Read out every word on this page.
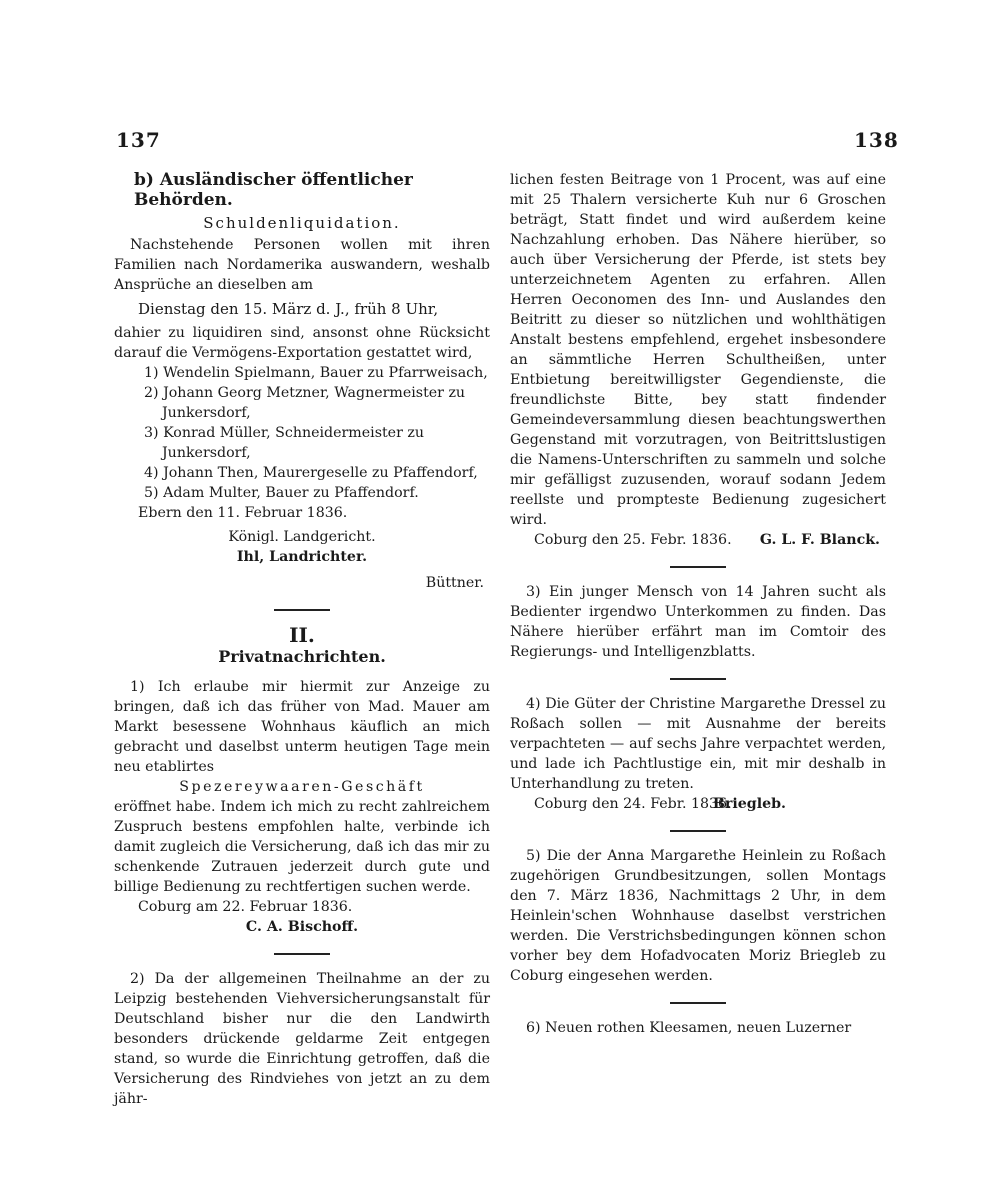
137	138
b) Ausländischer öffentlicher Behörden.
Schuldenliquidation.

Nachstehende Personen wollen mit ihren Familien nach Nordamerika auswandern, weshalb Ansprüche an dieselben am

Dienstag den 15. März d. J., früh 8 Uhr,

dahier zu liquidiren sind, ansonst ohne Rücksicht darauf die Vermögens-Exportation gestattet wird,

1) Wendelin Spielmann, Bauer zu Pfarrweisach,
2) Johann Georg Metzner, Wagnermeister zu Junkersdorf,
3) Konrad Müller, Schneidermeister zu Junkersdorf,
4) Johann Then, Maurergeselle zu Pfaffendorf,
5) Adam Multer, Bauer zu Pfaffendorf.
Ebern den 11. Februar 1836.
Königl. Landgericht.
Ihl, Landrichter.
Büttner.
II.
Privatnachrichten.

1) Ich erlaube mir hiermit zur Anzeige zu bringen, daß ich das früher von Mad. Mauer am Markt besessene Wohnhaus käuflich an mich gebracht und daselbst unterm heutigen Tage mein neu etablirtes

Spezereywaaren-Geschäft

eröffnet habe. Indem ich mich zu recht zahlreichem Zuspruch bestens empfohlen halte, verbinde ich damit zugleich die Versicherung, daß ich das mir zu schenkende Zutrauen jederzeit durch gute und billige Bedienung zu rechtfertigen suchen werde.

Coburg am 22. Februar 1836.
C. A. Bischoff.

2) Da der allgemeinen Theilnahme an der zu Leipzig bestehenden Viehversicherungsanstalt für Deutschland bisher nur die den Landwirth besonders drückende geldarme Zeit entgegen stand, so wurde die Einrichtung getroffen, daß die Versicherung des Rindviehes von jetzt an zu dem jähr-

lichen festen Beitrage von 1 Procent, was auf eine mit 25 Thalern versicherte Kuh nur 6 Groschen beträgt, Statt findet und wird außerdem keine Nachzahlung erhoben. Das Nähere hierüber, so auch über Versicherung der Pferde, ist stets bey unterzeichnetem Agenten zu erfahren. Allen Herren Oeconomen des Inn- und Auslandes den Beitritt zu dieser so nützlichen und wohlthätigen Anstalt bestens empfehlend, ergehet insbesondere an sämmtliche Herren Schultheißen, unter Entbietung bereitwilligster Gegendienste, die freundlichste Bitte, bey statt findender Gemeindeversammlung diesen beachtungswerthen Gegenstand mit vorzutragen, von Beitrittslustigen die Namens-Unterschriften zu sammeln und solche mir gefälligst zuzusenden, worauf sodann Jedem reellste und prompteste Bedienung zugesichert wird.

Coburg den 25. Febr. 1836.	G. L. F. Blanck.

3) Ein junger Mensch von 14 Jahren sucht als Bedienter irgendwo Unterkommen zu finden. Das Nähere hierüber erfährt man im Comtoir des Regierungs- und Intelligenzblatts.

4) Die Güter der Christine Margarethe Dressel zu Roßach sollen — mit Ausnahme der bereits verpachteten — auf sechs Jahre verpachtet werden, und lade ich Pachtlustige ein, mit mir deshalb in Unterhandlung zu treten.

Coburg den 24. Febr. 1836.
Briegleb.

5) Die der Anna Margarethe Heinlein zu Roßach zugehörigen Grundbesitzungen, sollen Montags den 7. März 1836, Nachmittags 2 Uhr, in dem Heinlein'schen Wohnhause daselbst verstrichen werden. Die Verstrichsbedingungen können schon vorher bey dem Hofadvocaten Moriz Briegleb zu Coburg eingesehen werden.

6) Neuen rothen Kleesamen, neuen Luzerner
